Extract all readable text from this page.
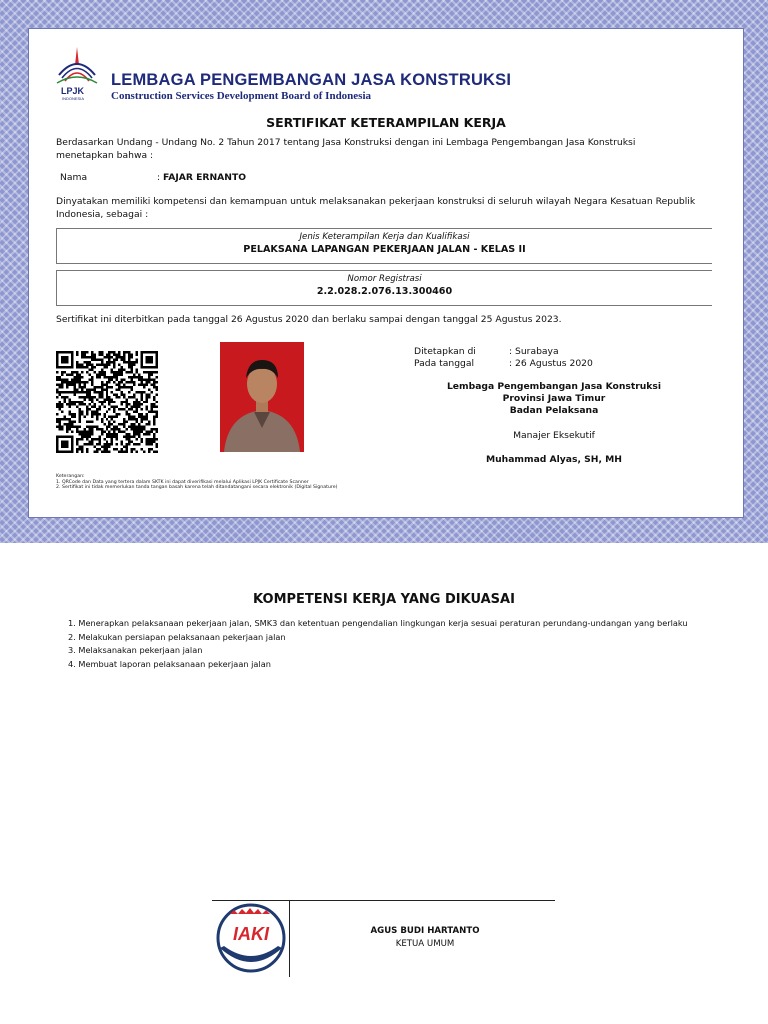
LPJK
INDONESIA
LEMBAGA PENGEMBANGAN JASA KONSTRUKSI
Construction Services Development Board of Indonesia
SERTIFIKAT KETERAMPILAN KERJA
Berdasarkan Undang - Undang No. 2 Tahun 2017 tentang Jasa Konstruksi dengan ini Lembaga Pengembangan Jasa Konstruksi menetapkan bahwa :
Nama	: FAJAR ERNANTO
Dinyatakan memiliki kompetensi dan kemampuan untuk melaksanakan pekerjaan konstruksi di seluruh wilayah Negara Kesatuan Republik Indonesia, sebagai :
Jenis Keterampilan Kerja dan Kualifikasi
PELAKSANA LAPANGAN PEKERJAAN JALAN - KELAS II
Nomor Registrasi
2.2.028.2.076.13.300460
Sertifikat ini diterbitkan pada tanggal 26 Agustus 2020 dan berlaku sampai dengan tanggal 25 Agustus 2023.
Ditetapkan di	: Surabaya
Pada tanggal	: 26 Agustus 2020
Lembaga Pengembangan Jasa Konstruksi
Provinsi Jawa Timur
Badan Pelaksana
Manajer Eksekutif
Muhammad Alyas, SH, MH
Keterangan:
1. QRCode dan Data yang tertera dalam SKTK ini dapat diverifikasi melalui Aplikasi LPJK Certificate Scanner
2. Sertifikat ini tidak memerlukan tanda tangan basah karena telah ditandatangani secara elektronik (Digital Signature)
KOMPETENSI KERJA YANG DIKUASAI
1. Menerapkan pelaksanaan pekerjaan jalan, SMK3 dan ketentuan pengendalian lingkungan kerja sesuai peraturan perundang-undangan yang berlaku
2. Melakukan persiapan pelaksanaan pekerjaan jalan
3. Melaksanakan pekerjaan jalan
4. Membuat laporan pelaksanaan pekerjaan jalan
IAKI	AGUS BUDI HARTANTO
KETUA UMUM
